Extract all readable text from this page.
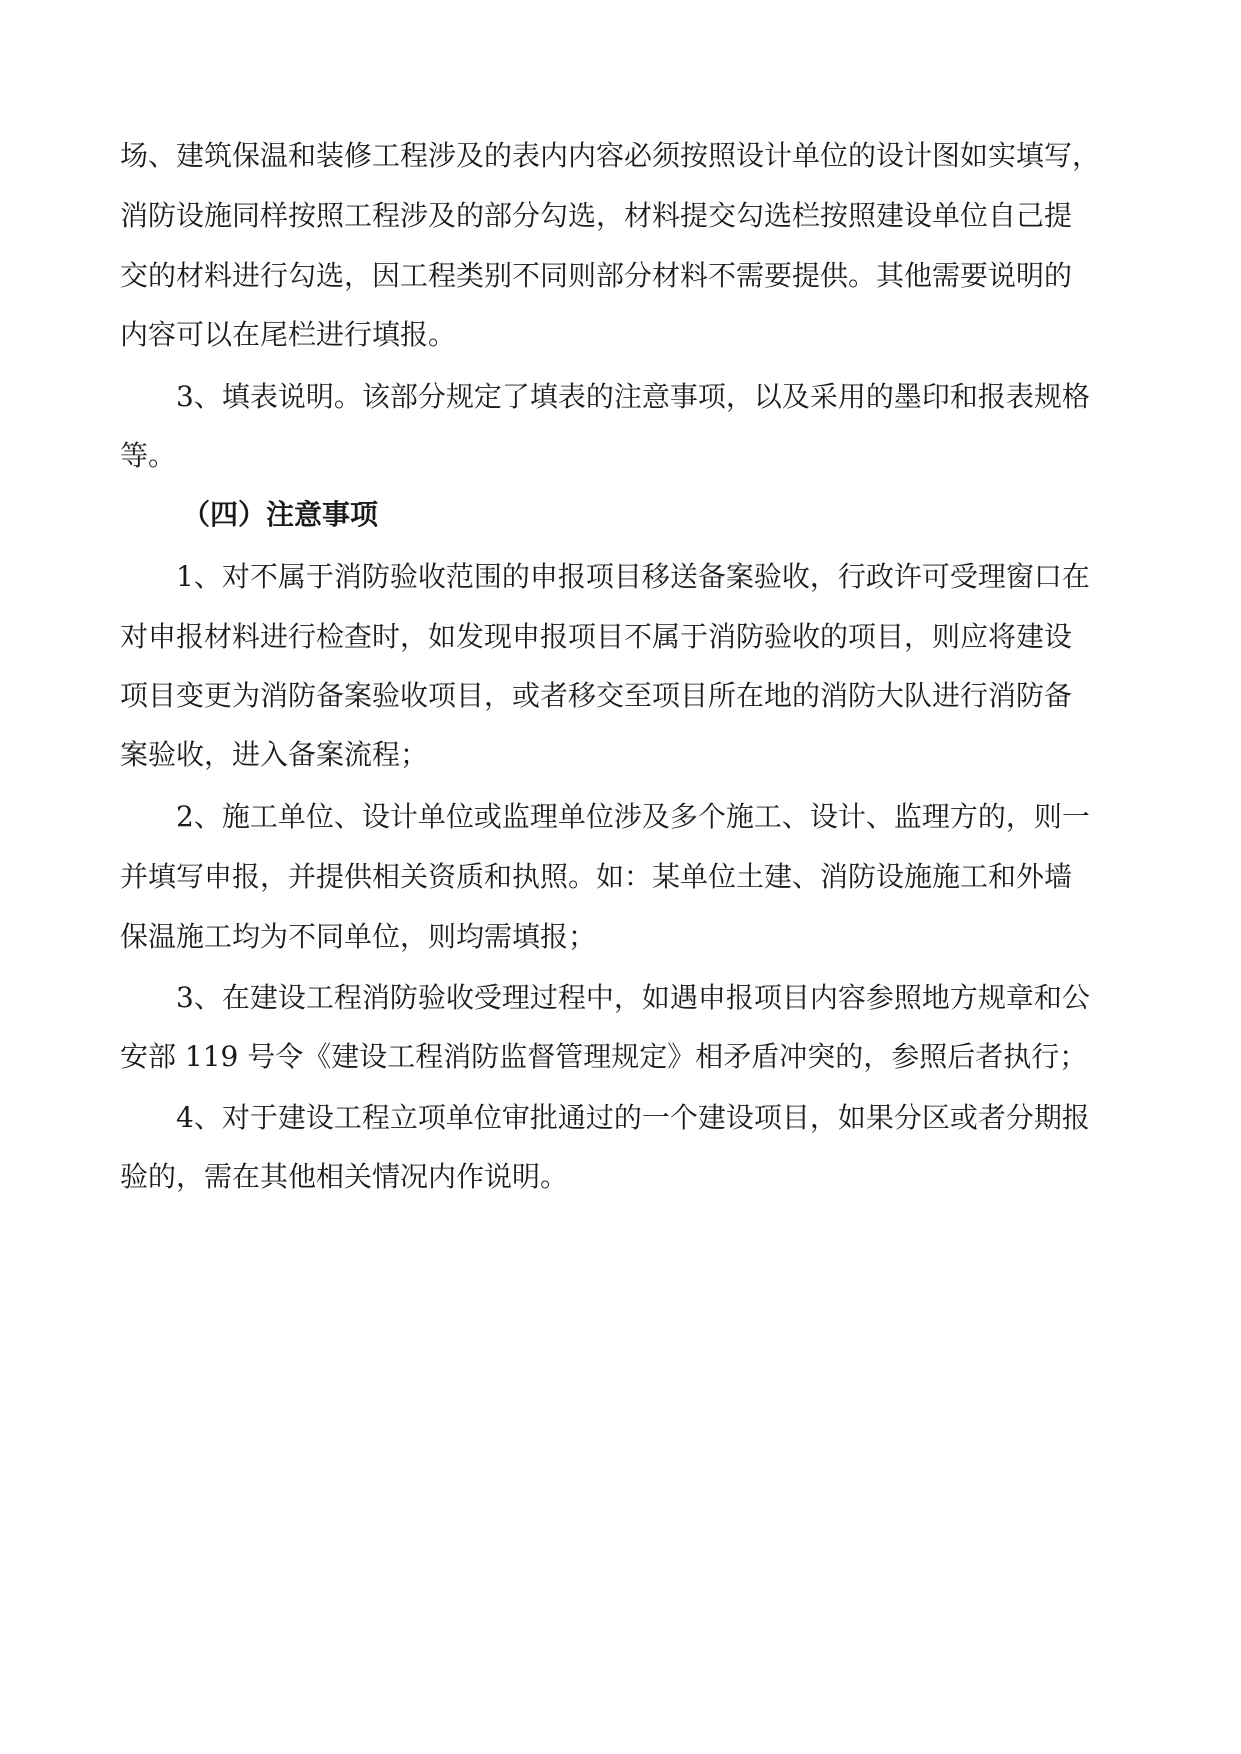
场、建筑保温和装修工程涉及的表内内容必须按照设计单位的设计图如实填写，
消防设施同样按照工程涉及的部分勾选，材料提交勾选栏按照建设单位自己提
交的材料进行勾选，因工程类别不同则部分材料不需要提供。其他需要说明的
内容可以在尾栏进行填报。
3、填表说明。该部分规定了填表的注意事项，以及采用的墨印和报表规格
等。
（四）注意事项
1、对不属于消防验收范围的申报项目移送备案验收，行政许可受理窗口在
对申报材料进行检查时，如发现申报项目不属于消防验收的项目，则应将建设
项目变更为消防备案验收项目，或者移交至项目所在地的消防大队进行消防备
案验收，进入备案流程；
2、施工单位、设计单位或监理单位涉及多个施工、设计、监理方的，则一
并填写申报，并提供相关资质和执照。如：某单位土建、消防设施施工和外墙
保温施工均为不同单位，则均需填报；
3、在建设工程消防验收受理过程中，如遇申报项目内容参照地方规章和公
安部 119 号令《建设工程消防监督管理规定》相矛盾冲突的，参照后者执行；
4、对于建设工程立项单位审批通过的一个建设项目，如果分区或者分期报
验的，需在其他相关情况内作说明。
